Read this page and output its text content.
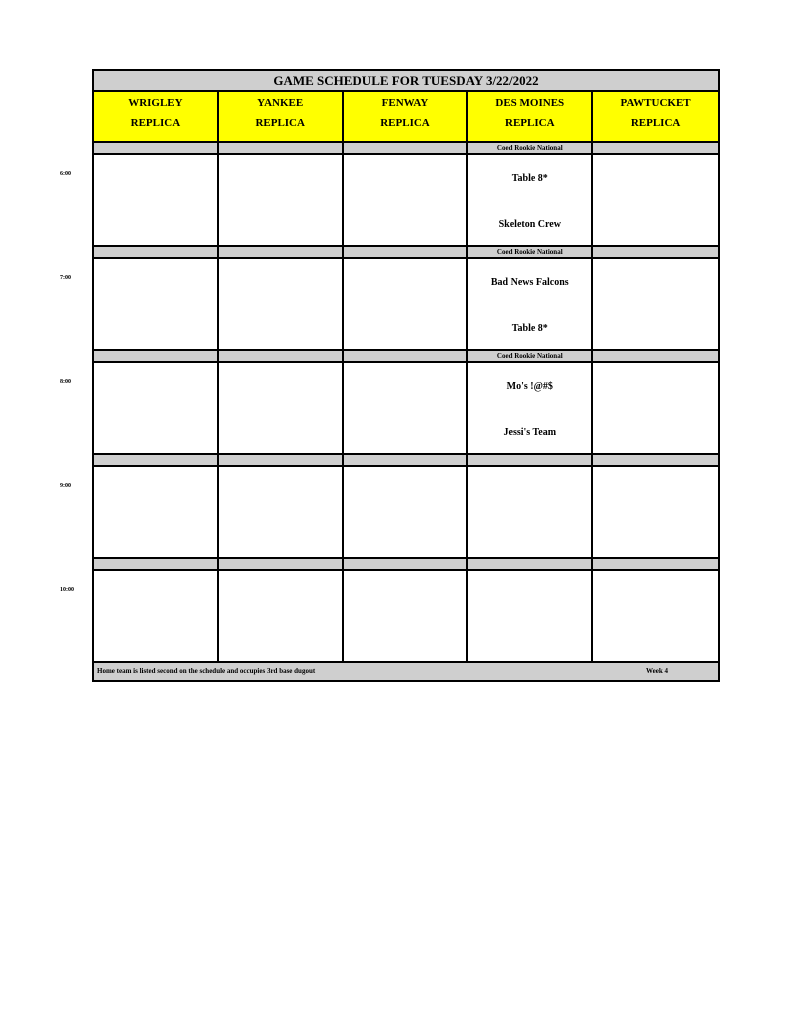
GAME SCHEDULE FOR TUESDAY 3/22/2022
WRIGLEY
REPLICA
YANKEE
REPLICA
FENWAY
REPLICA
DES MOINES
REPLICA
PAWTUCKET
REPLICA
Coed Rookie National
Table 8*
Skeleton Crew
Coed Rookie National
Bad News Falcons
Table 8*
Coed Rookie National
Mo's !@#$
Jessi's Team
Home team is listed second on the schedule and occupies 3rd base dugout	Week 4
6:00
7:00
8:00
9:00
10:00
